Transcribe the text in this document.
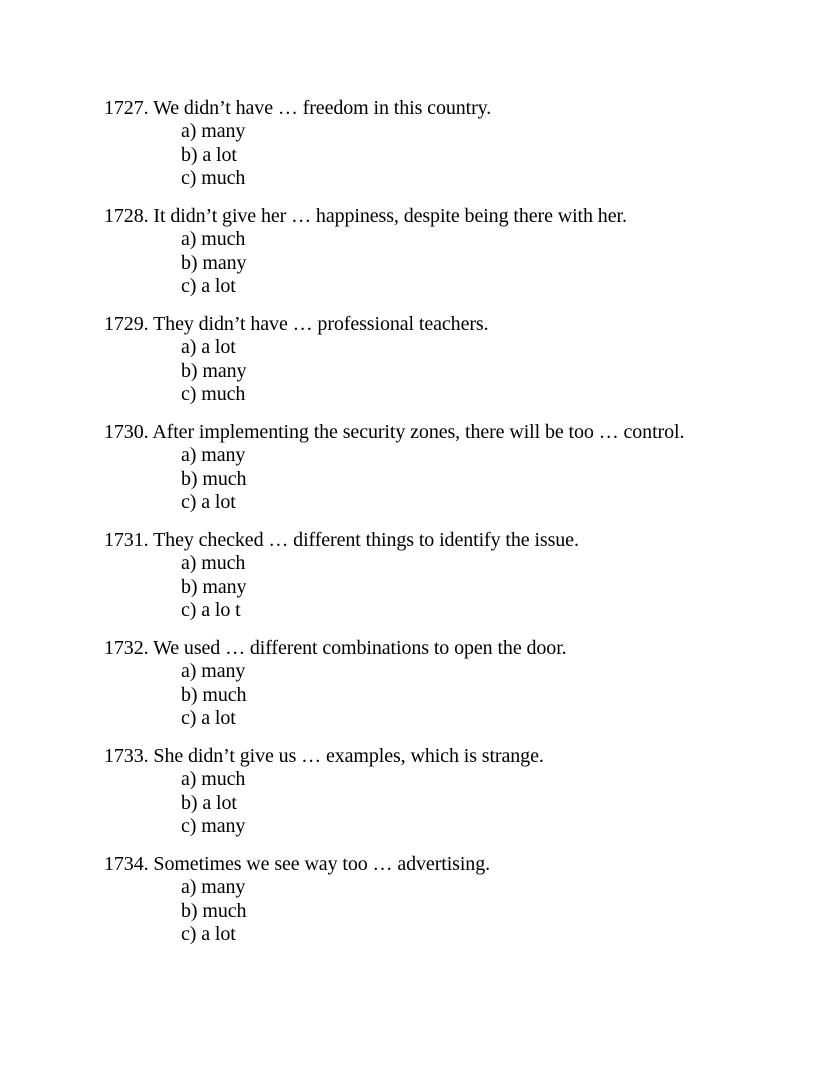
1727. We didn’t have … freedom in this country.
a) many
b) a lot
c) much
1728. It didn’t give her … happiness, despite being there with her.
a) much
b) many
c) a lot
1729. They didn’t have … professional teachers.
a) a lot
b) many
c) much
1730. After implementing the security zones, there will be too … control.
a) many
b) much
c) a lot
1731. They checked … different things to identify the issue.
a) much
b) many
c) a lo t
1732. We used … different combinations to open the door.
a) many
b) much
c) a lot
1733. She didn’t give us … examples, which is strange.
a) much
b) a lot
c) many
1734. Sometimes we see way too … advertising.
a) many
b) much
c) a lot
